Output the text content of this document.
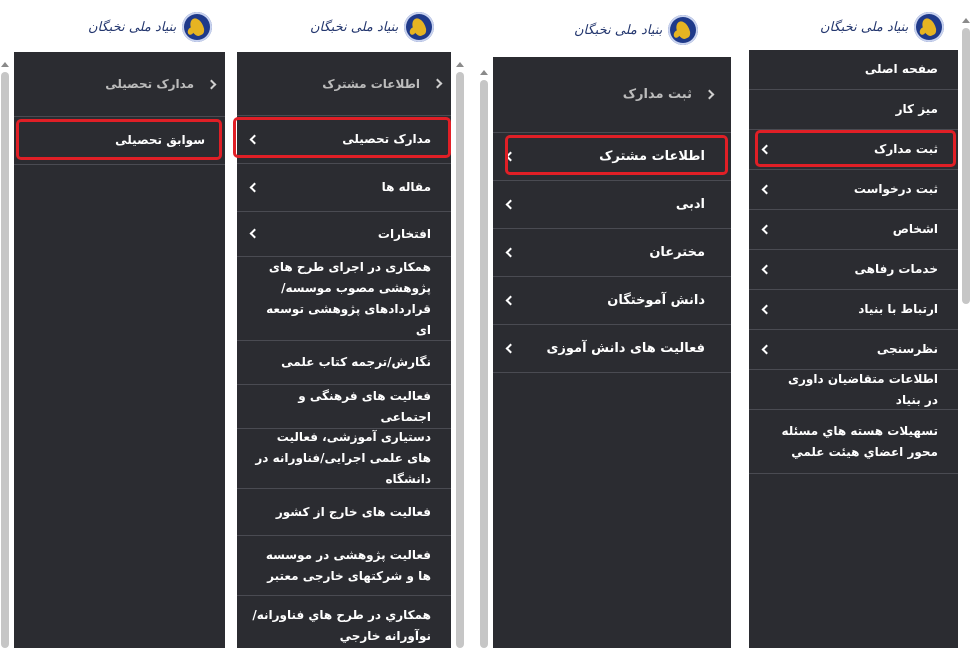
بنیاد ملی نخبگان
مدارک تحصیلی
سوابق تحصیلی
بنیاد ملی نخبگان
اطلاعات مشترک
مدارک تحصیلی
مقاله ها
افتخارات
همکاری در اجرای طرح های پژوهشی مصوب موسسه/قراردادهای پژوهشی توسعه ای
نگارش/ترجمه کتاب علمی
فعالیت های فرهنگی و اجتماعی
دستیاری آموزشی، فعالیت های علمی اجرایی/فناورانه در دانشگاه
فعالیت های خارج از کشور
فعالیت پژوهشی در موسسه ها و شرکتهای خارجی معتبر
همکاري در طرح هاي فناورانه/نوآورانه خارجي
بنیاد ملی نخبگان
ثبت مدارک
اطلاعات مشترک
ادبی
مخترعان
دانش آموختگان
فعالیت های دانش آموزی
بنیاد ملی نخبگان
صفحه اصلی
میز کار
ثبت مدارک
ثبت درخواست
اشخاص
خدمات رفاهی
ارتباط با بنیاد
نظرسنجی
اطلاعات متقاضیان داوری در بنیاد
تسهیلات هسته هاي مسئله محور اعضاي هیئت علمي
